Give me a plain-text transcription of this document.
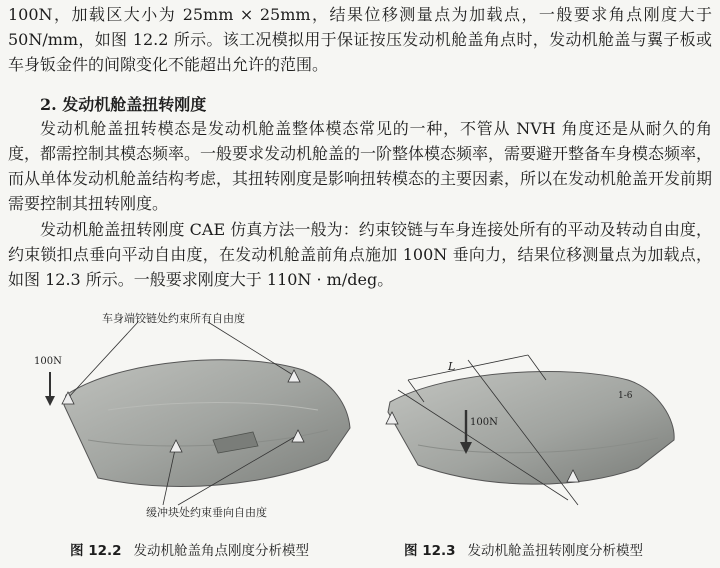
100N，加载区大小为 25mm × 25mm，结果位移测量点为加载点，一般要求角点刚度大于50N/mm，如图 12.2 所示。该工况模拟用于保证按压发动机舱盖角点时，发动机舱盖与翼子板或车身钣金件的间隙变化不能超出允许的范围。

2. 发动机舱盖扭转刚度

发动机舱盖扭转模态是发动机舱盖整体模态常见的一种，不管从 NVH 角度还是从耐久的角度，都需控制其模态频率。一般要求发动机舱盖的一阶整体模态频率，需要避开整备车身模态频率，而从单体发动机舱盖结构考虑，其扭转刚度是影响扭转模态的主要因素，所以在发动机舱盖开发前期需要控制其扭转刚度。

发动机舱盖扭转刚度 CAE 仿真方法一般为：约束铰链与车身连接处所有的平动及转动自由度，约束锁扣点垂向平动自由度，在发动机舱盖前角点施加 100N 垂向力，结果位移测量点为加载点，如图 12.3 所示。一般要求刚度大于 110N · m/deg。

车身端铰链处约束所有自由度
100N
缓冲块处约束垂向自由度
L
100N
1-6

图 12.2 发动机舱盖角点刚度分析模型	图 12.3 发动机舱盖扭转刚度分析模型
